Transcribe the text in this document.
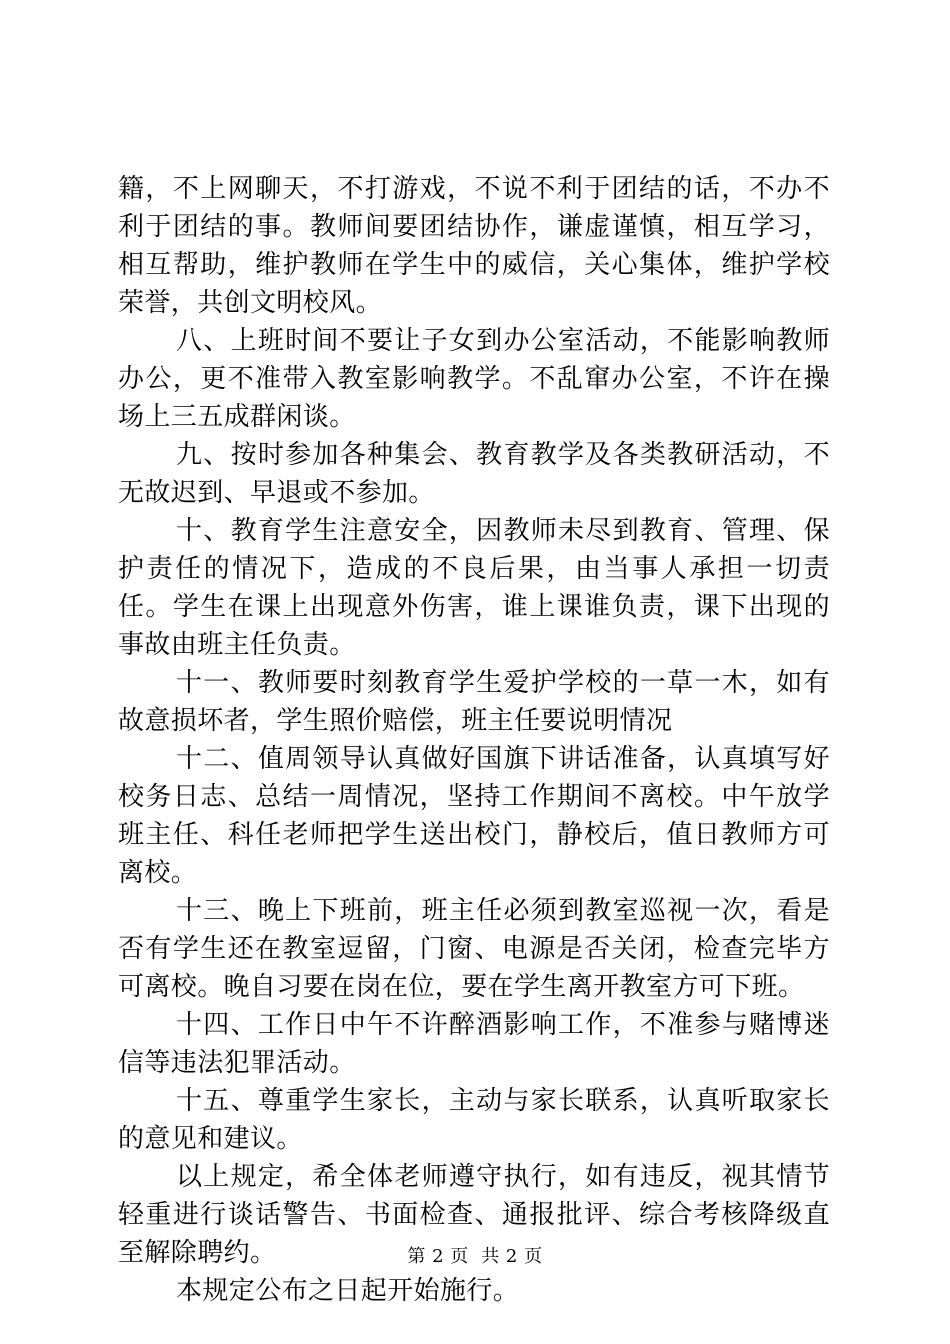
籍，不上网聊天，不打游戏，不说不利于团结的话，不办不利于团结的事。教师间要团结协作，谦虚谨慎，相互学习，相互帮助，维护教师在学生中的威信，关心集体，维护学校荣誉，共创文明校风。

八、上班时间不要让子女到办公室活动，不能影响教师办公，更不准带入教室影响教学。不乱窜办公室，不许在操场上三五成群闲谈。

九、按时参加各种集会、教育教学及各类教研活动，不无故迟到、早退或不参加。

十、教育学生注意安全，因教师未尽到教育、管理、保护责任的情况下，造成的不良后果，由当事人承担一切责任。学生在课上出现意外伤害，谁上课谁负责，课下出现的事故由班主任负责。

十一、教师要时刻教育学生爱护学校的一草一木，如有故意损坏者，学生照价赔偿，班主任要说明情况

十二、值周领导认真做好国旗下讲话准备，认真填写好校务日志、总结一周情况，坚持工作期间不离校。中午放学班主任、科任老师把学生送出校门，静校后，值日教师方可离校。

十三、晚上下班前，班主任必须到教室巡视一次，看是否有学生还在教室逗留，门窗、电源是否关闭，检查完毕方可离校。晚自习要在岗在位，要在学生离开教室方可下班。

十四、工作日中午不许醉酒影响工作，不准参与赌博迷信等违法犯罪活动。

十五、尊重学生家长，主动与家长联系，认真听取家长的意见和建议。

以上规定，希全体老师遵守执行，如有违反，视其情节轻重进行谈话警告、书面检查、通报批评、综合考核降级直至解除聘约。

本规定公布之日起开始施行。

第 2 页  共 2 页
